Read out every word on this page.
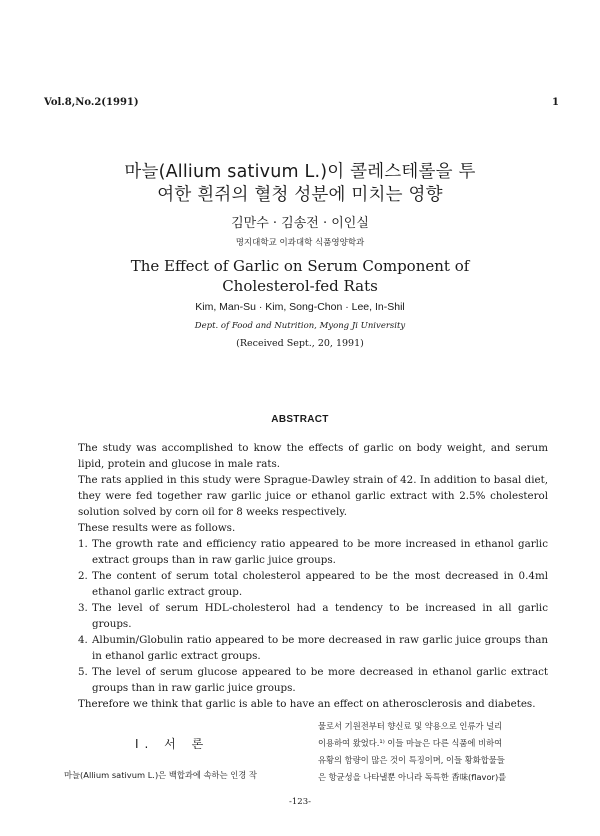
Vol.8,No.2(1991)	1
마늘(Allium sativum L.)이 콜레스테롤을 투
여한 흰쥐의 혈청 성분에 미치는 영향
김만수 · 김송전 · 이인실
명지대학교 이과대학 식품영양학과
The Effect of Garlic on Serum Component of
Cholesterol-fed Rats
Kim, Man-Su · Kim, Song-Chon · Lee, In-Shil
Dept. of Food and Nutrition, Myong Ji University
(Received Sept., 20, 1991)
ABSTRACT

The study was accomplished to know the effects of garlic on body weight, and serum lipid, protein and glucose in male rats.

The rats applied in this study were Sprague-Dawley strain of 42. In addition to basal diet, they were fed together raw garlic juice or ethanol garlic extract with 2.5% cholesterol solution solved by corn oil for 8 weeks respectively.

These results were as follows.

1. The growth rate and efficiency ratio appeared to be more increased in ethanol garlic extract groups than in raw garlic juice groups.
2. The content of serum total cholesterol appeared to be the most decreased in 0.4ml ethanol garlic extract group.
3. The level of serum HDL-cholesterol had a tendency to be increased in all garlic groups.
4. Albumin/Globulin ratio appeared to be more decreased in raw garlic juice groups than in ethanol garlic extract groups.
5. The level of serum glucose appeared to be more decreased in ethanol garlic extract groups than in raw garlic juice groups.

Therefore we think that garlic is able to have an effect on atherosclerosis and diabetes.

I. 서 론
마늘(Allium sativum L.)은 백합과에 속하는 인경 작

물로서 기원전부터 향신료 및 약용으로 인류가 널리

이용하여 왔었다.¹⁾ 이들 마늘은 다른 식품에 비하여

유황의 함량이 많은 것이 특징이며, 이들 황화합물들

은 항균성을 나타낼뿐 아니라 독특한 香味(flavor)를

-123-
